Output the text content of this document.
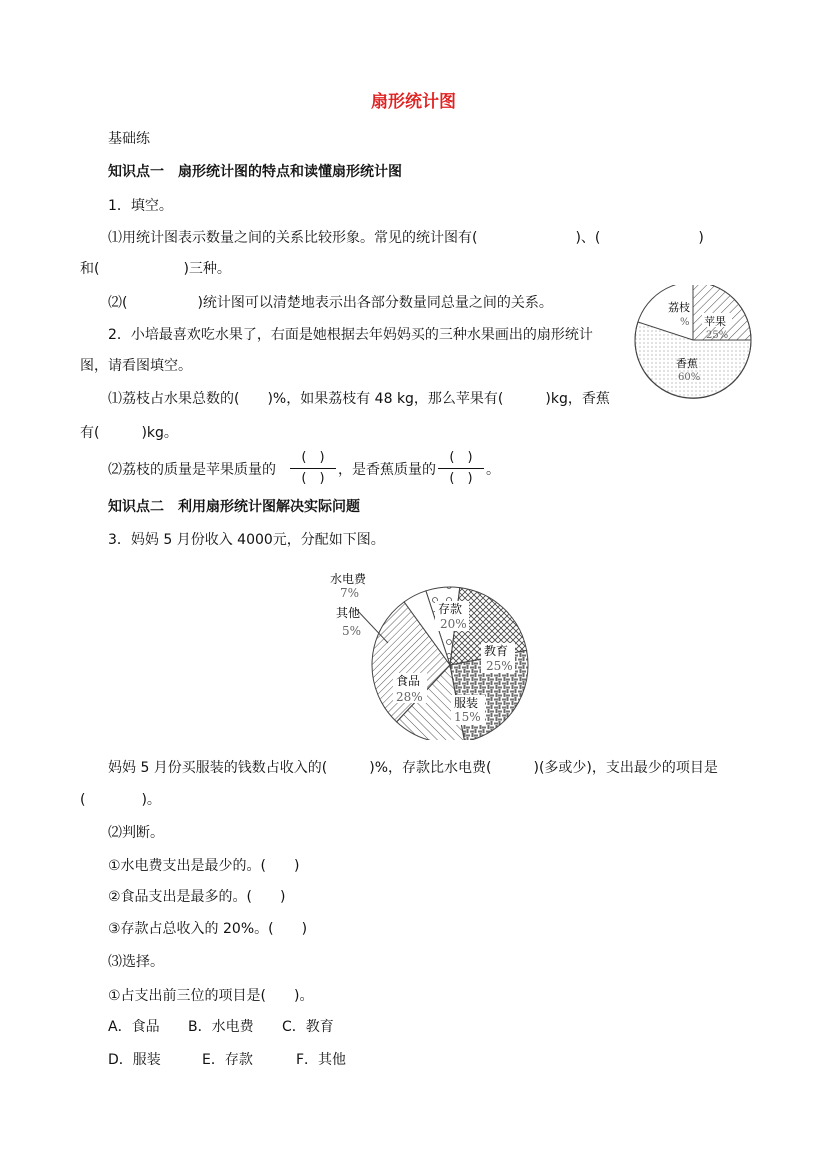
扇形统计图
基础练
知识点一　扇形统计图的特点和读懂扇形统计图
1．填空。
⑴用统计图表示数量之间的关系比较形象。常见的统计图有(　　　　　　　)、(　　　　　　　)
和(　　　　　　)三种。
⑵(　　　　　)统计图可以清楚地表示出各部分数量同总量之间的关系。
2．小培最喜欢吃水果了，右面是她根据去年妈妈买的三种水果画出的扇形统计
图，请看图填空。
⑴荔枝占水果总数的(　　)%，如果荔枝有 48 kg，那么苹果有(　　　)kg，香蕉
有(　　　)kg。
⑵荔枝的质量是苹果质量的
(　)
(　)
，是香蕉质量的
(　)
(　)
。
荔枝
% 苹果
25%
香蕉
60%
知识点二　利用扇形统计图解决实际问题
3．妈妈 5 月份收入 4000元，分配如下图。
水电费
7%
存款
20%
教育
25%
服装
15%
食品
28%
其他
5%
妈妈 5 月份买服装的钱数占收入的(　　　)%，存款比水电费(　　　)(多或少)，支出最少的项目是
(　　　　)。
⑵判断。
①水电费支出是最少的。(　　)
②食品支出是最多的。(　　)
③存款占总收入的 20%。(　　)
⑶选择。
①占支出前三位的项目是(　　)。
A．食品 B．水电费 C．教育
D．服装	E．存款	F．其他
